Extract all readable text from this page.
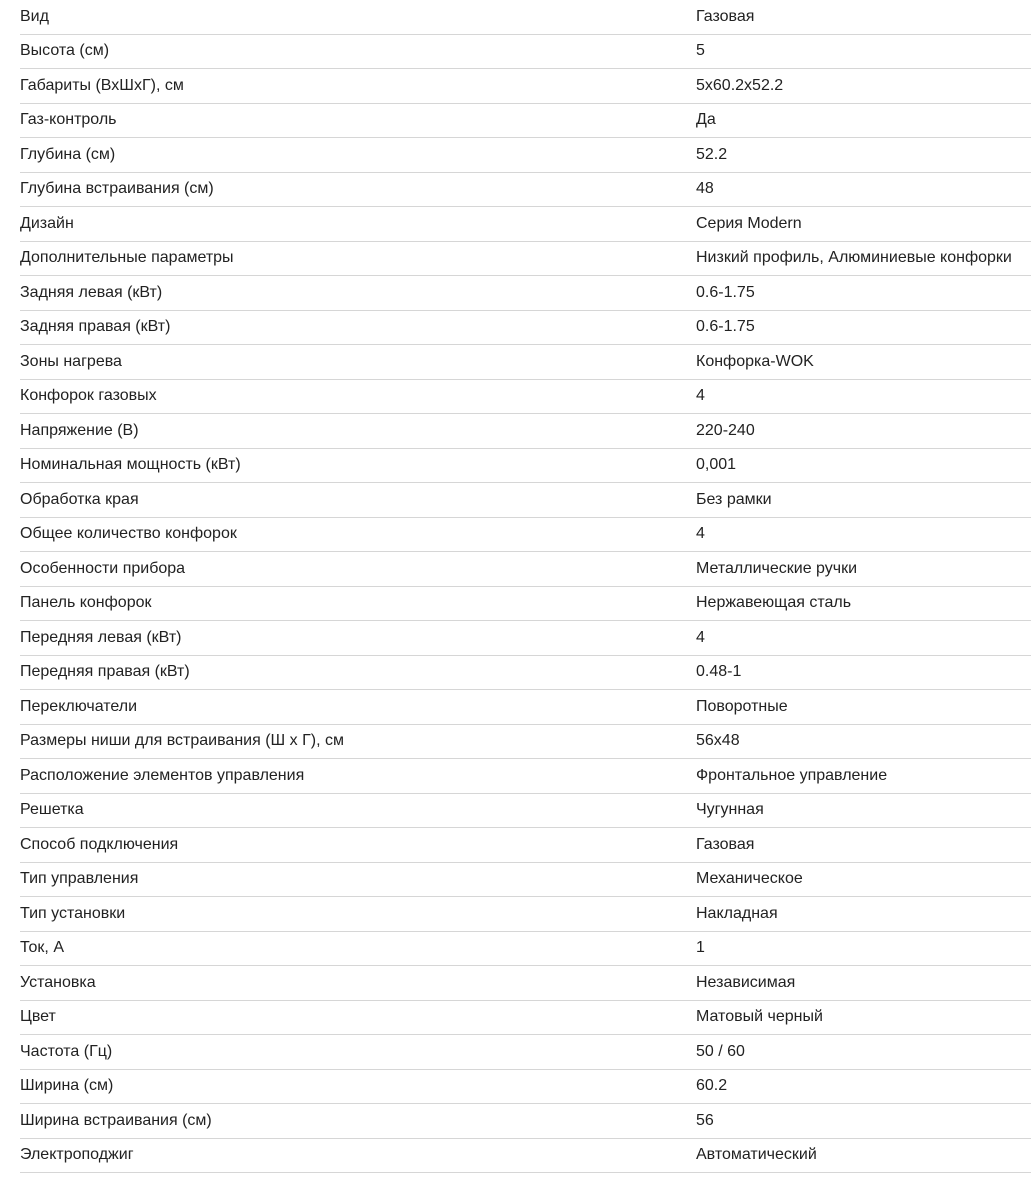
Вид	Газовая
Высота (см)	5
Габариты (ВхШхГ), см	5x60.2x52.2
Газ-контроль	Да
Глубина (см)	52.2
Глубина встраивания (см)	48
Дизайн	Серия Modern
Дополнительные параметры	Низкий профиль, Алюминиевые конфорки
Задняя левая (кВт)	0.6-1.75
Задняя правая (кВт)	0.6-1.75
Зоны нагрева	Конфорка-WOK
Конфорок газовых	4
Напряжение (В)	220-240
Номинальная мощность (кВт)	0,001
Обработка края	Без рамки
Общее количество конфорок	4
Особенности прибора	Металлические ручки
Панель конфорок	Нержавеющая сталь
Передняя левая (кВт)	4
Передняя правая (кВт)	0.48-1
Переключатели	Поворотные
Размеры ниши для встраивания (Ш х Г), см	56x48
Расположение элементов управления	Фронтальное управление
Решетка	Чугунная
Способ подключения	Газовая
Тип управления	Механическое
Тип установки	Накладная
Ток, А	1
Установка	Независимая
Цвет	Матовый черный
Частота (Гц)	50 / 60
Ширина (см)	60.2
Ширина встраивания (см)	56
Электроподжиг	Автоматический
